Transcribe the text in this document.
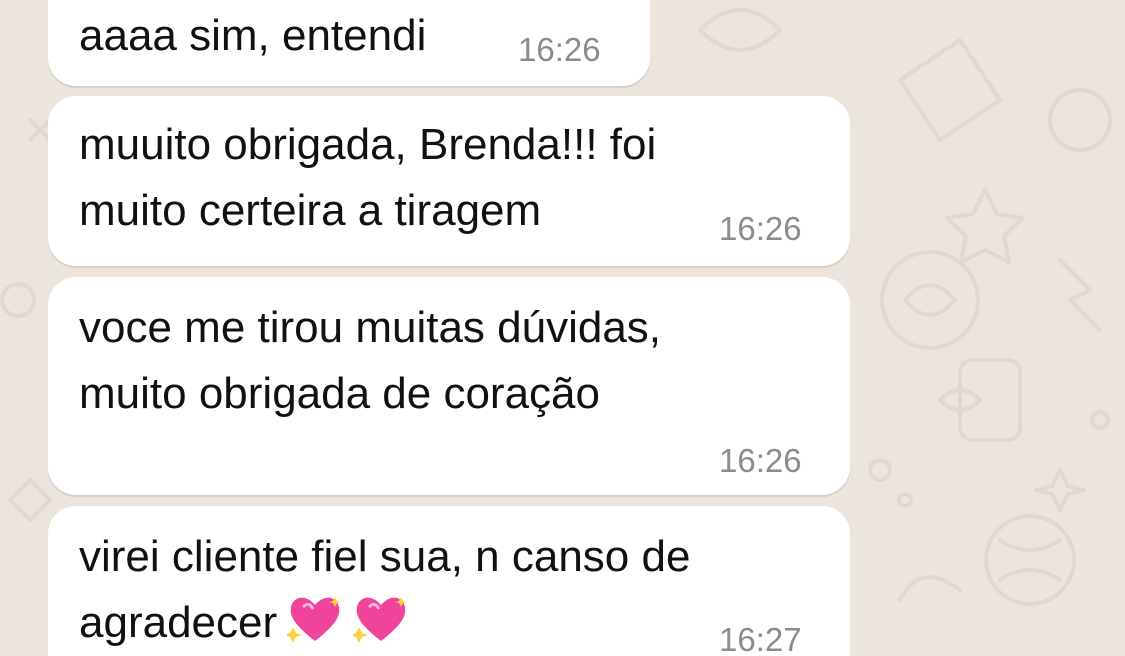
aaaa sim, entendi	16:26
muuito obrigada, Brenda!!! foi
muito certeira a tiragem	16:26
voce me tirou muitas dúvidas,
muito obrigada de coração
16:26
virei cliente fiel sua, n canso de
agradecer	16:27
